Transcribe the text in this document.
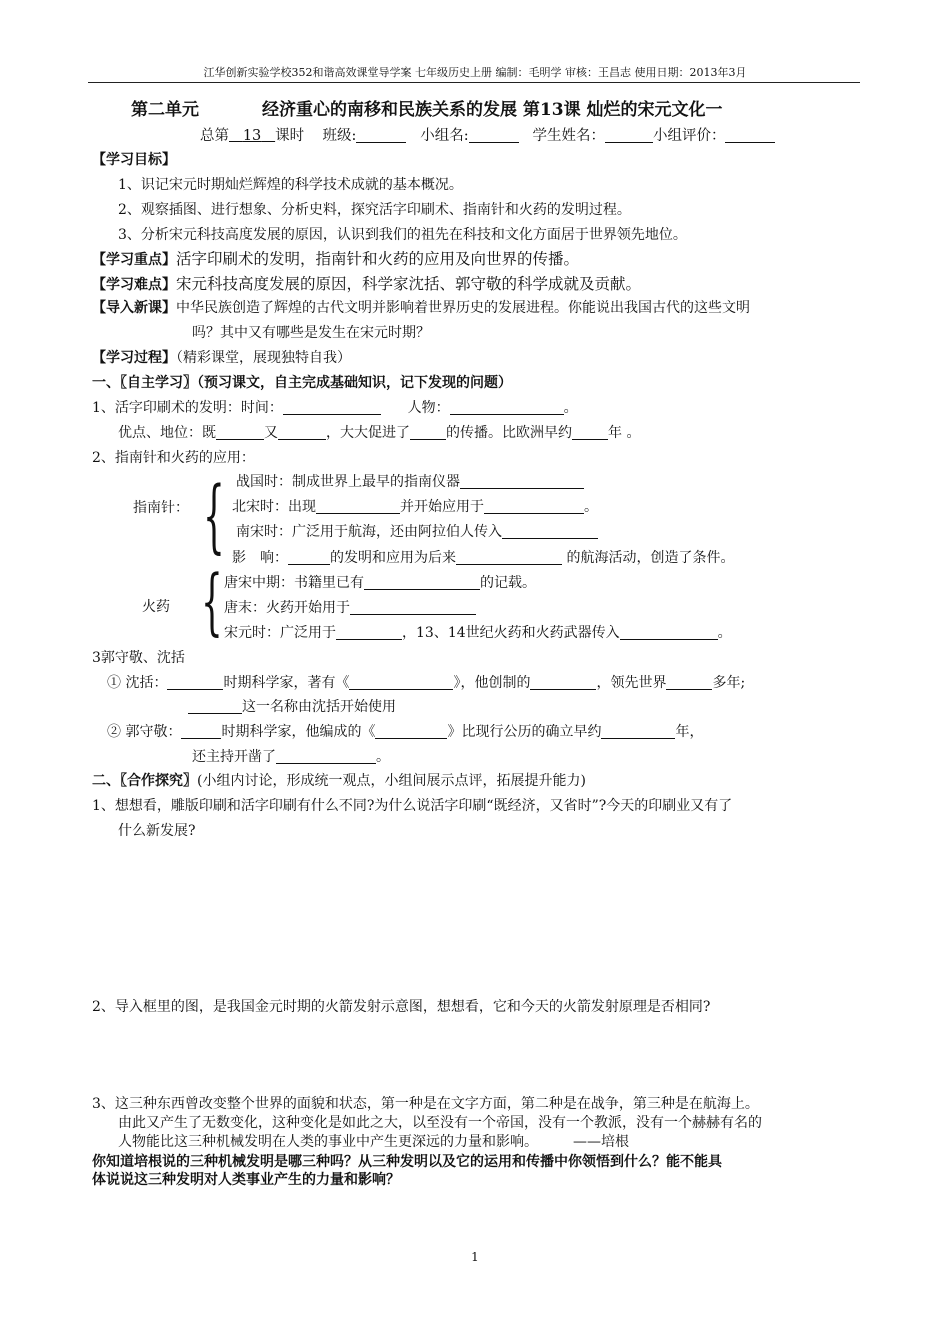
江华创新实验学校352和谐高效课堂导学案 七年级历史上册 编制：毛明学 审核：王昌志 使用日期：2013年3月
第二单元	经济重心的南移和民族关系的发展 第13课 灿烂的宋元文化一
总第 13 课时 班级:	小组名:	学生姓名：	小组评价：
【学习目标】
1、识记宋元时期灿烂辉煌的科学技术成就的基本概况。
2、观察插图、进行想象、分析史料，探究活字印刷术、指南针和火药的发明过程。
3、分析宋元科技高度发展的原因，认识到我们的祖先在科技和文化方面居于世界领先地位。
【学习重点】活字印刷术的发明，指南针和火药的应用及向世界的传播。
【学习难点】宋元科技高度发展的原因，科学家沈括、郭守敬的科学成就及贡献。
【导入新课】中华民族创造了辉煌的古代文明并影响着世界历史的发展进程。你能说出我国古代的这些文明
吗？其中又有哪些是发生在宋元时期？
【学习过程】（精彩课堂，展现独特自我）
一、〖自主学习〗（预习课文，自主完成基础知识，记下发现的问题）
1、活字印刷术的发明：时间：	人物：	。
优点、地位：既	又	，大大促进了	的传播。比欧洲早约	年 。
2、指南针和火药的应用：
指南针： { 战国时：制成世界上最早的指南仪器
北宋时：出现	并开始应用于	。
南宋时：广泛用于航海，还由阿拉伯人传入
影　响：	的发明和应用为后来	的航海活动，创造了条件。
火药 { 唐宋中期：书籍里已有	的记载。
唐末：火药开始用于
宋元时：广泛用于	，13、14世纪火药和火药武器传入	。
3郭守敬、沈括
① 沈括：	时期科学家，著有《	》，他创制的	，领先世界	多年;
这一名称由沈括开始使用
② 郭守敬：	时期科学家，他编成的《	》比现行公历的确立早约	年，
还主持开凿了	。
二、〖合作探究〗(小组内讨论，形成统一观点，小组间展示点评，拓展提升能力)
1、想想看，雕版印刷和活字印刷有什么不同?为什么说活字印刷“既经济，又省时”?今天的印刷业又有了
什么新发展?
2、导入框里的图，是我国金元时期的火箭发射示意图，想想看，它和今天的火箭发射原理是否相同?
3、这三种东西曾改变整个世界的面貌和状态，第一种是在文字方面，第二种是在战争，第三种是在航海上。
由此又产生了无数变化，这种变化是如此之大，以至没有一个帝国，没有一个教派，没有一个赫赫有名的
人物能比这三种机械发明在人类的事业中产生更深远的力量和影响。　　　——培根
你知道培根说的三种机械发明是哪三种吗？从三种发明以及它的运用和传播中你领悟到什么？能不能具
体说说这三种发明对人类事业产生的力量和影响？
1
